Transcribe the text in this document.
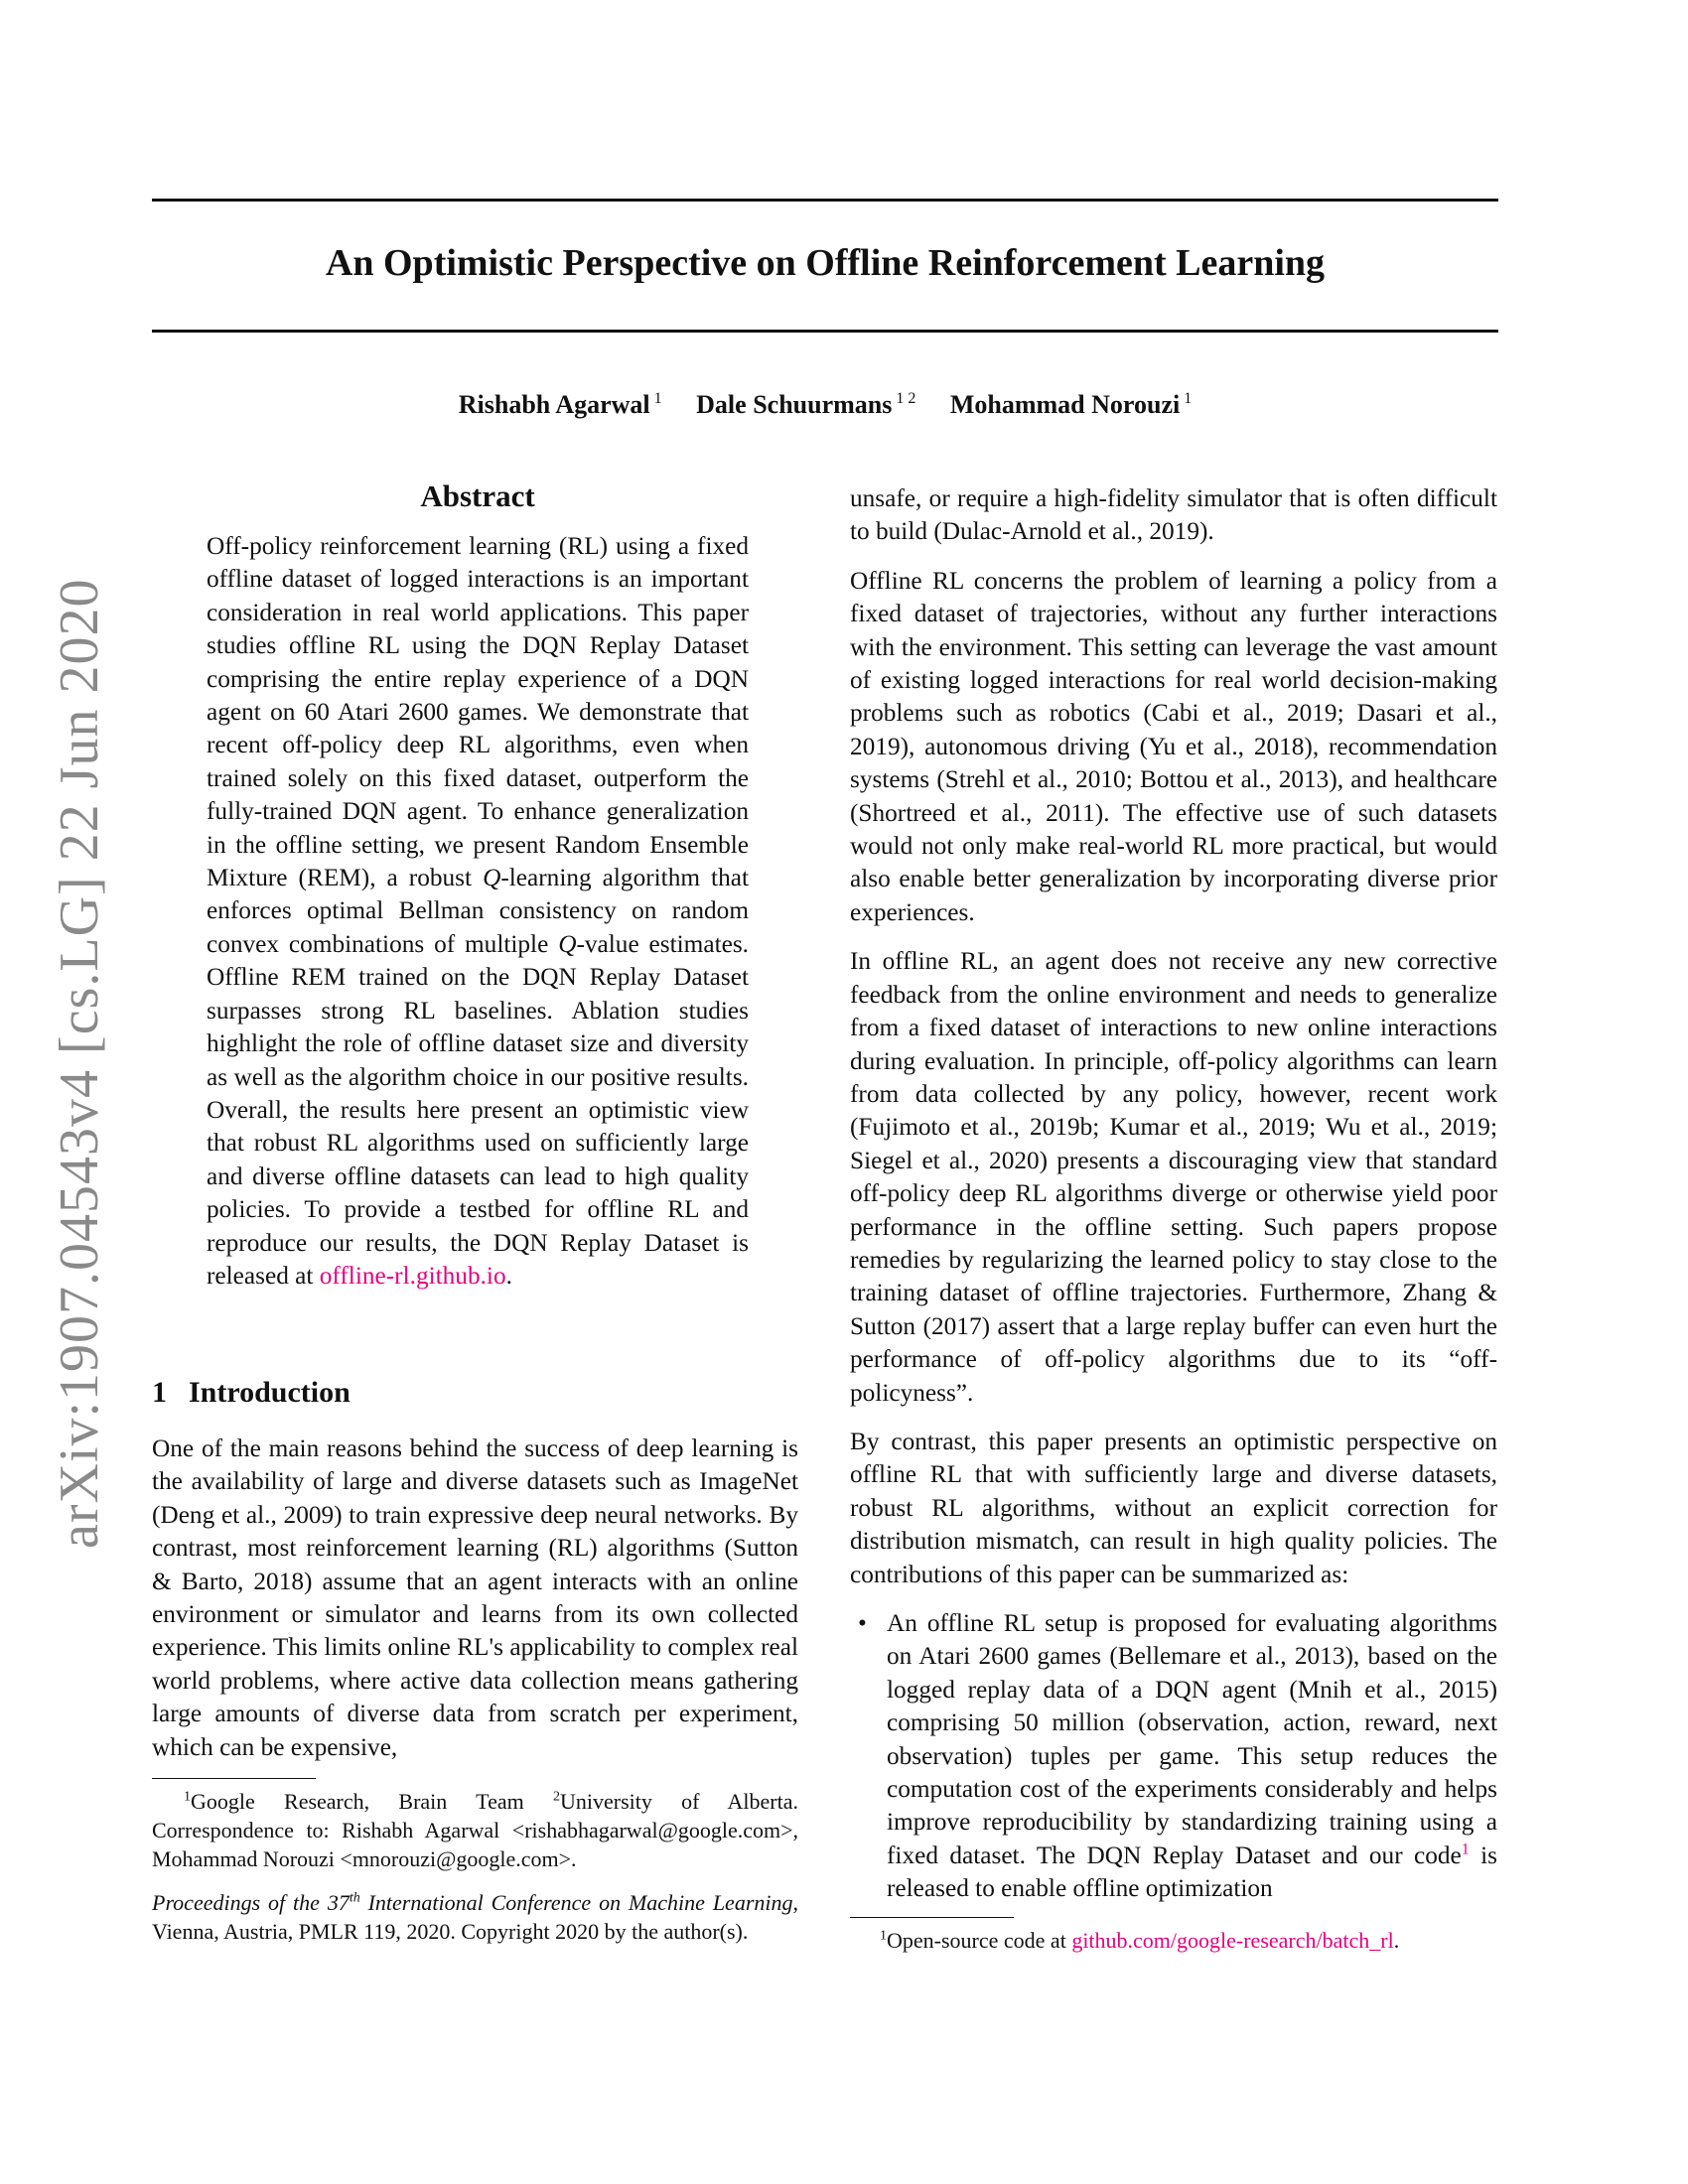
arXiv:1907.04543v4 [cs.LG] 22 Jun 2020
An Optimistic Perspective on Offline Reinforcement Learning
Rishabh Agarwal $^1$ Dale Schuurmans $^{1 2}$ Mohammad Norouzi $^1$
Abstract

Off-policy reinforcement learning (RL) using a fixed offline dataset of logged interactions is an important consideration in real world applications. This paper studies offline RL using the DQN Replay Dataset comprising the entire replay experience of a DQN agent on 60 Atari 2600 games. We demonstrate that recent off-policy deep RL algorithms, even when trained solely on this fixed dataset, outperform the fully-trained DQN agent. To enhance generalization in the offline setting, we present Random Ensemble Mixture (REM), a robust Q-learning algorithm that enforces optimal Bellman consistency on random convex combinations of multiple Q-value estimates. Offline REM trained on the DQN Replay Dataset surpasses strong RL baselines. Ablation studies highlight the role of offline dataset size and diversity as well as the algorithm choice in our positive results. Overall, the results here present an optimistic view that robust RL algorithms used on sufficiently large and diverse offline datasets can lead to high quality policies. To provide a testbed for offline RL and reproduce our results, the DQN Replay Dataset is released at offline-rl.github.io.

1 Introduction

One of the main reasons behind the success of deep learning is the availability of large and diverse datasets such as ImageNet (Deng et al., 2009) to train expressive deep neural networks. By contrast, most reinforcement learning (RL) algorithms (Sutton & Barto, 2018) assume that an agent interacts with an online environment or simulator and learns from its own collected experience. This limits online RL's applicability to complex real world problems, where active data collection means gathering large amounts of diverse data from scratch per experiment, which can be expensive,

$^1$Google Research, Brain Team $^2$University of Alberta. Correspondence to: Rishabh Agarwal <rishabhagarwal@google.com>, Mohammad Norouzi <mnorouzi@google.com>.

Proceedings of the 37th International Conference on Machine Learning, Vienna, Austria, PMLR 119, 2020. Copyright 2020 by the author(s).

unsafe, or require a high-fidelity simulator that is often difficult to build (Dulac-Arnold et al., 2019).

Offline RL concerns the problem of learning a policy from a fixed dataset of trajectories, without any further interactions with the environment. This setting can leverage the vast amount of existing logged interactions for real world decision-making problems such as robotics (Cabi et al., 2019; Dasari et al., 2019), autonomous driving (Yu et al., 2018), recommendation systems (Strehl et al., 2010; Bottou et al., 2013), and healthcare (Shortreed et al., 2011). The effective use of such datasets would not only make real-world RL more practical, but would also enable better generalization by incorporating diverse prior experiences.

In offline RL, an agent does not receive any new corrective feedback from the online environment and needs to generalize from a fixed dataset of interactions to new online interactions during evaluation. In principle, off-policy algorithms can learn from data collected by any policy, however, recent work (Fujimoto et al., 2019b; Kumar et al., 2019; Wu et al., 2019; Siegel et al., 2020) presents a discouraging view that standard off-policy deep RL algorithms diverge or otherwise yield poor performance in the offline setting. Such papers propose remedies by regularizing the learned policy to stay close to the training dataset of offline trajectories. Furthermore, Zhang & Sutton (2017) assert that a large replay buffer can even hurt the performance of off-policy algorithms due to its “off-policyness”.

By contrast, this paper presents an optimistic perspective on offline RL that with sufficiently large and diverse datasets, robust RL algorithms, without an explicit correction for distribution mismatch, can result in high quality policies. The contributions of this paper can be summarized as:

• An offline RL setup is proposed for evaluating algorithms on Atari 2600 games (Bellemare et al., 2013), based on the logged replay data of a DQN agent (Mnih et al., 2015) comprising 50 million (observation, action, reward, next observation) tuples per game. This setup reduces the computation cost of the experiments considerably and helps improve reproducibility by standardizing training using a fixed dataset. The DQN Replay Dataset and our code$^1$ is released to enable offline optimization

$^1$Open-source code at github.com/google-research/batch_rl.
